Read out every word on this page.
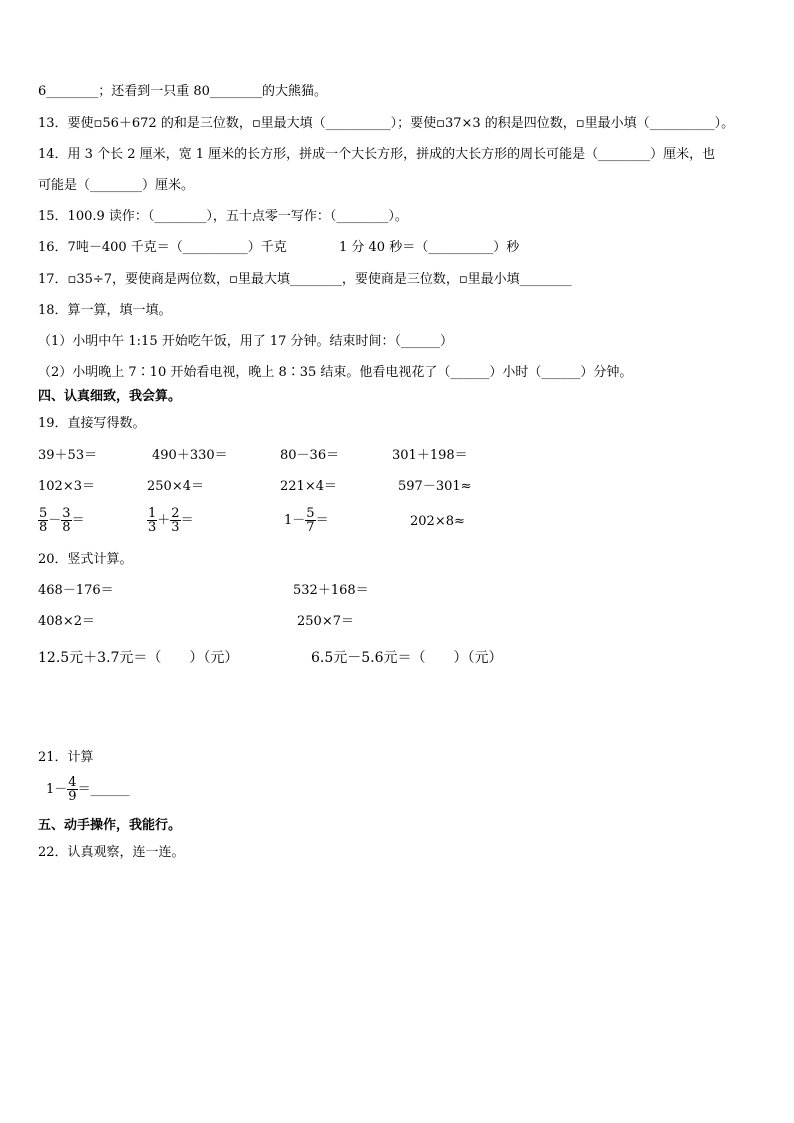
6________；还看到一只重 80________的大熊猫。
13．要使▫56＋672 的和是三位数，▫里最大填（__________）；要使▫37×3 的积是四位数，▫里最小填（__________）。
14．用 3 个长 2 厘米，宽 1 厘米的长方形，拼成一个大长方形，拼成的大长方形的周长可能是（________）厘米，也
可能是（________）厘米。
15．100.9 读作：（________），五十点零一写作：（________）。
16．7吨－400 千克＝（__________）千克	1 分 40 秒＝（__________）秒
17．▫35÷7，要使商是两位数，▫里最大填________，要使商是三位数，▫里最小填________
18．算一算，填一填。
（1）小明中午 1:15 开始吃午饭，用了 17 分钟。结束时间：（______）
（2）小明晚上 7∶10 开始看电视，晚上 8∶35 结束。他看电视花了（______）小时（______）分钟。
四、认真细致，我会算。
19．直接写得数。
39＋53＝	490＋330＝	80－36＝	301＋198＝
102×3＝	250×4＝	221×4＝	597－301≈
$\frac{5}{8} - \frac{3}{8}$ ＝	$\frac{1}{3} + \frac{2}{3}$ ＝	$1- \frac{5}{7}$ ＝	202×8≈
20．竖式计算。
468－176＝	532＋168＝
408×2＝	250×7＝
12.5元＋3.7元＝（　　）（元）	6.5元－5.6元＝（　　）（元）
21．计算
$1- \frac{4}{9}$ ＝______
五、动手操作，我能行。
22．认真观察，连一连。
